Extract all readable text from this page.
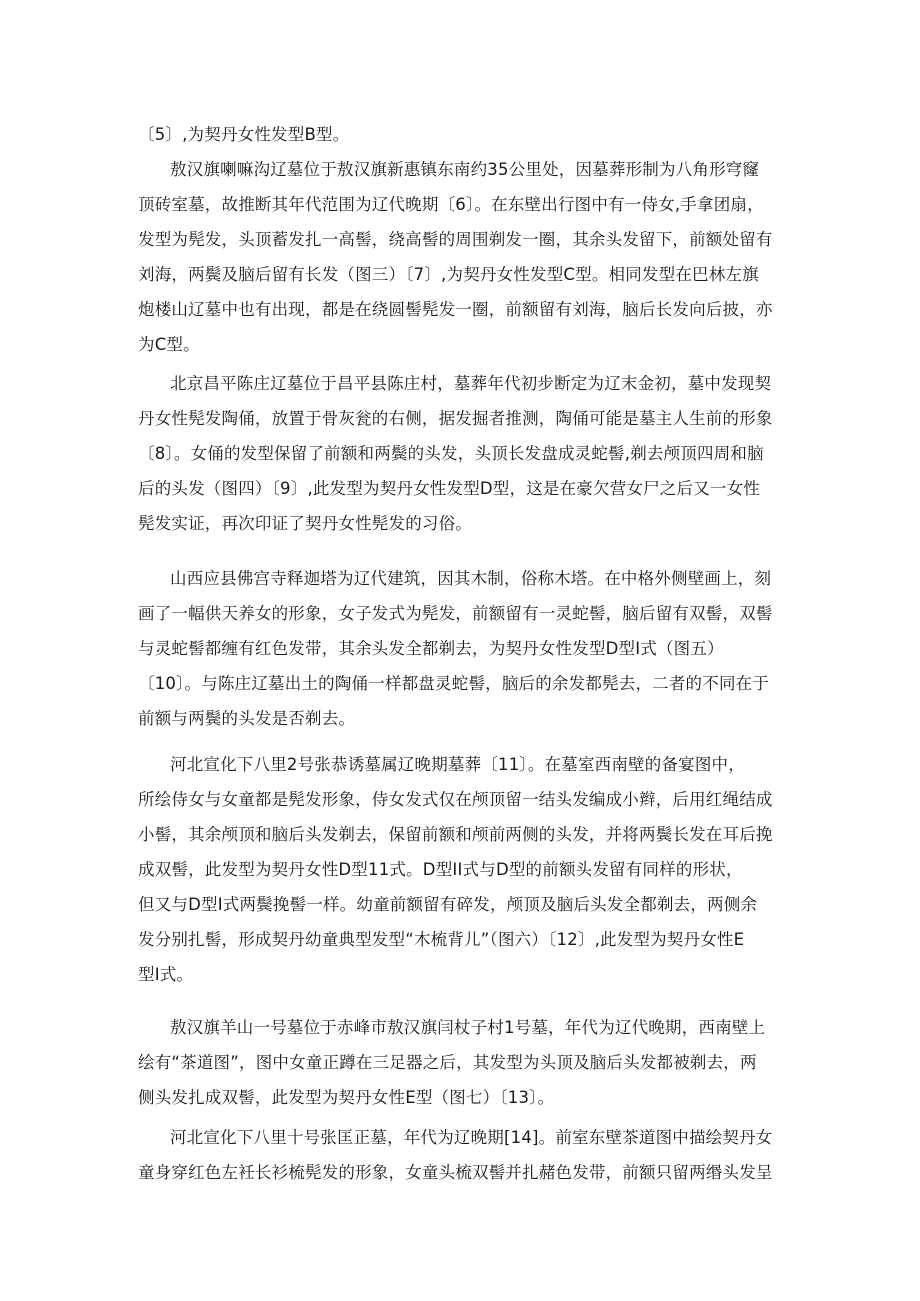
〔5〕,为契丹女性发型B型。
敖汉旗喇嘛沟辽墓位于敖汉旗新惠镇东南约35公里处，因墓葬形制为八角形穹窿
顶砖室墓，故推断其年代范围为辽代晚期〔6〕。在东壁出行图中有一侍女,手拿团扇，
发型为髡发，头顶蓄发扎一高髻，绕高髻的周围剃发一圈，其余头发留下，前额处留有
刘海，两鬓及脑后留有长发（图三）〔7〕,为契丹女性发型C型。相同发型在巴林左旗
炮楼山辽墓中也有出现，都是在绕圆髻髡发一圈，前额留有刘海，脑后长发向后披，亦
为C型。
北京昌平陈庄辽墓位于昌平县陈庄村，墓葬年代初步断定为辽末金初，墓中发现契
丹女性髡发陶俑，放置于骨灰瓮的右侧，据发掘者推测，陶俑可能是墓主人生前的形象
〔8〕。女俑的发型保留了前额和两鬓的头发，头顶长发盘成灵蛇髻,剃去颅顶四周和脑
后的头发（图四）〔9〕,此发型为契丹女性发型D型，这是在豪欠营女尸之后又一女性
髡发实证，再次印证了契丹女性髡发的习俗。
山西应县佛宫寺释迦塔为辽代建筑，因其木制，俗称木塔。在中格外侧壁画上，刻
画了一幅供天养女的形象，女子发式为髡发，前额留有一灵蛇髻，脑后留有双髻，双髻
与灵蛇髻都缠有红色发带，其余头发全都剃去，为契丹女性发型D型I式（图五）
〔10〕。与陈庄辽墓出土的陶俑一样都盘灵蛇髻，脑后的余发都髡去，二者的不同在于
前额与两鬓的头发是否剃去。
河北宣化下八里2号张恭诱墓属辽晚期墓葬〔11〕。在墓室西南壁的备宴图中，
所绘侍女与女童都是髡发形象，侍女发式仅在颅顶留一结头发编成小辫，后用红绳结成
小髻，其余颅顶和脑后头发剃去，保留前额和颅前两侧的头发，并将两鬓长发在耳后挽
成双髻，此发型为契丹女性D型11式。D型II式与D型的前额头发留有同样的形状，
但又与D型I式两鬓挽髻一样。幼童前额留有碎发，颅顶及脑后头发全都剃去，两侧余
发分别扎髻，形成契丹幼童典型发型“木梳背儿”（图六）〔12〕,此发型为契丹女性E
型I式。
敖汉旗羊山一号墓位于赤峰市敖汉旗闫杖子村1号墓，年代为辽代晚期，西南壁上
绘有“茶道图”，图中女童正蹲在三足器之后，其发型为头顶及脑后头发都被剃去，两
侧头发扎成双髻，此发型为契丹女性E型（图七）〔13〕。
河北宣化下八里十号张匡正墓，年代为辽晚期[14]。前室东壁茶道图中描绘契丹女
童身穿红色左衽长衫梳髡发的形象，女童头梳双髻并扎赭色发带，前额只留两缗头发呈
